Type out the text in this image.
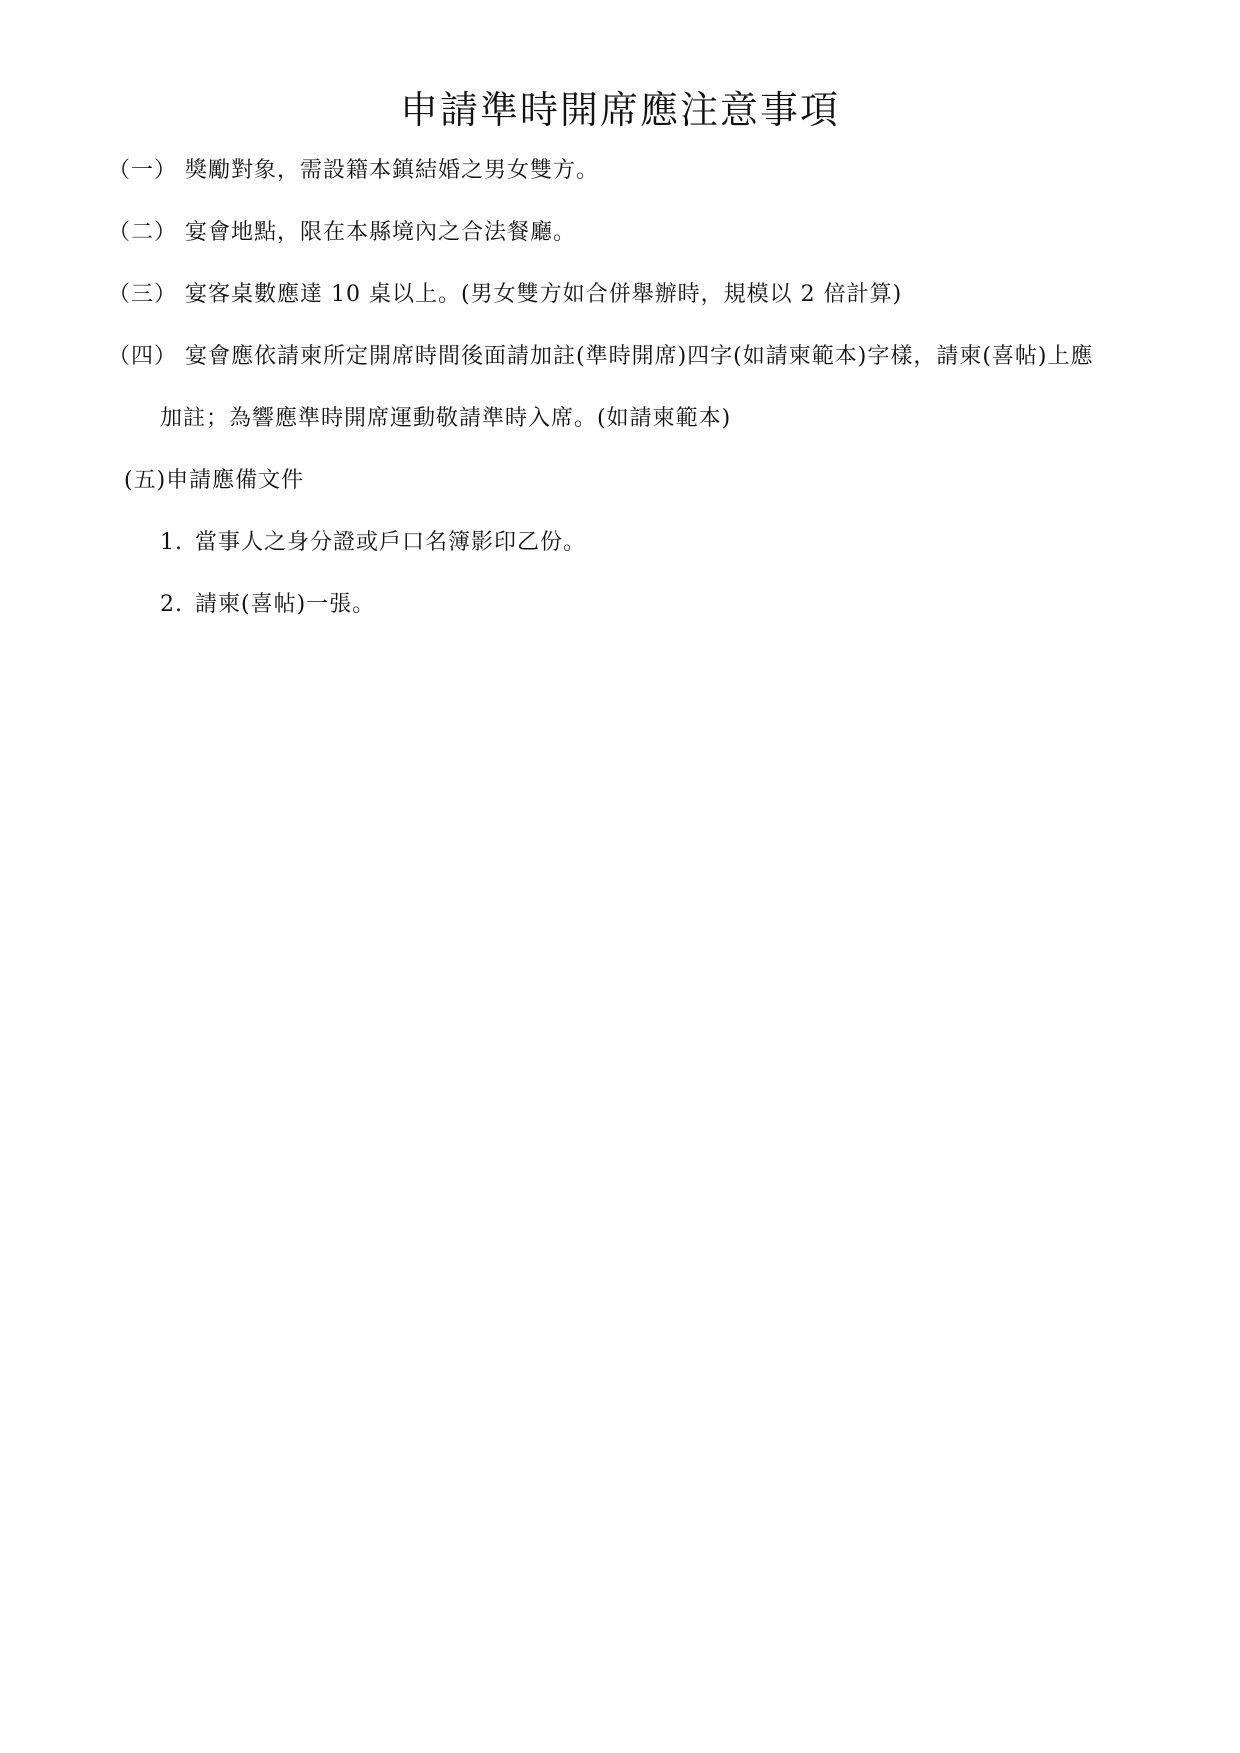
申請準時開席應注意事項
（一） 獎勵對象，需設籍本鎮結婚之男女雙方。
（二） 宴會地點，限在本縣境內之合法餐廳。
（三） 宴客桌數應達 10 桌以上。(男女雙方如合併舉辦時，規模以 2 倍計算)
（四） 宴會應依請柬所定開席時間後面請加註(準時開席)四字(如請柬範本)字樣，請柬(喜帖)上應
加註；為響應準時開席運動敬請準時入席。(如請柬範本)
(五)申請應備文件
1. 當事人之身分證或戶口名簿影印乙份。
2. 請柬(喜帖)一張。
